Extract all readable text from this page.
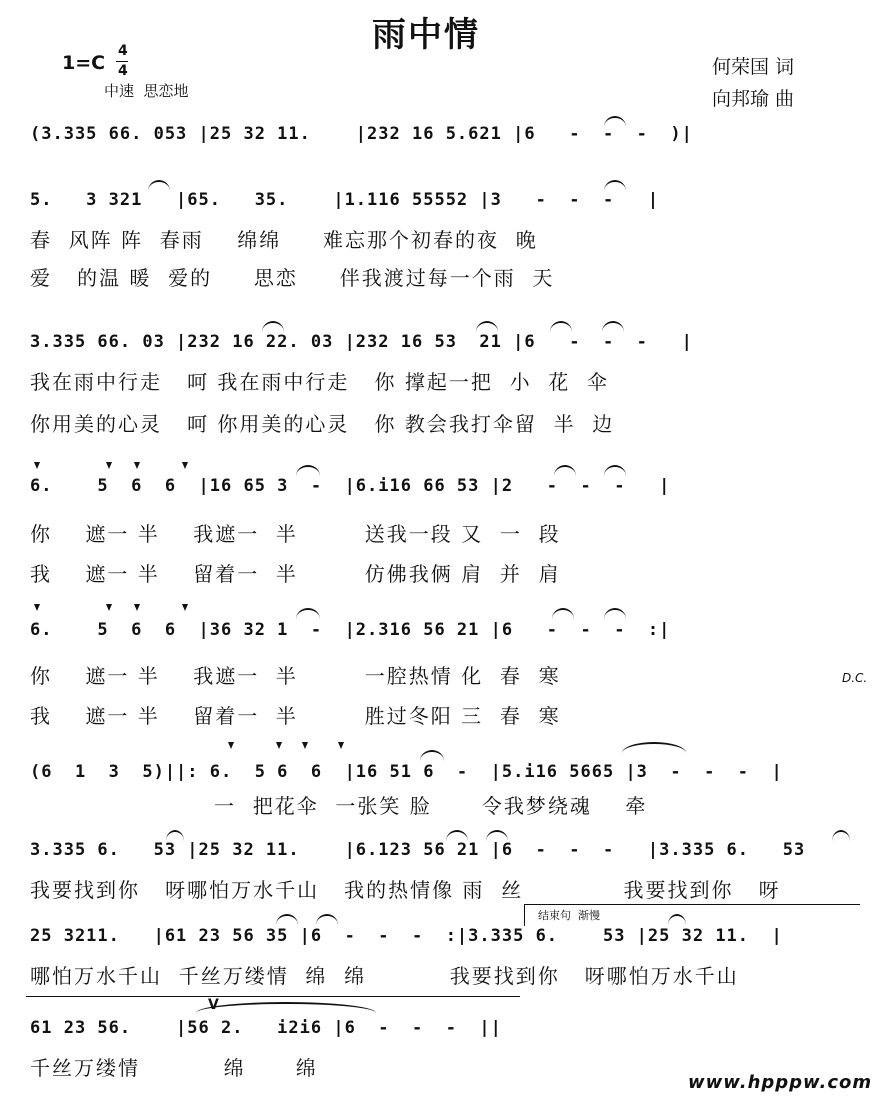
雨中情
1=C
4
4
中速  思恋地
何荣国 词
向邦瑜 曲
(3.335 66. 053 |25 32 11.    |232 16 5.621 |6   -  -  -  )|
5.   3 321   |65.   35.    |1.116 55552 |3   -  -  -   |
春  风阵 阵  春雨    绵绵     难忘那个初春的夜  晚
爱   的温 暖  爱的     思恋     伴我渡过每一个雨  天
3.335 66. 03 |232 16 22. 03 |232 16 53  21 |6   -  -  -   |
我在雨中行走   呵 我在雨中行走   你 撑起一把  小  花  伞
你用美的心灵   呵 你用美的心灵   你 教会我打伞留  半  边
6.    5  6  6  |16 65 3  -  |6.i16 66 53 |2   -  -  -   |
你    遮一 半    我遮一  半        送我一段 又  一  段
我    遮一 半    留着一  半        仿佛我俩 肩  并  肩
6.    5  6  6  |36 32 1  -  |2.316 56 21 |6   -  -  -  :|
你    遮一 半    我遮一  半        一腔热情 化  春  寒
我    遮一 半    留着一  半        胜过冬阳 三  春  寒
D.C.
(6  1  3  5)||: 6.  5 6  6  |16 51 6  -  |5.i16 5665 |3  -  -  -  |
一  把花伞  一张笑 脸      令我梦绕魂    牵
3.335 6.   53 |25 32 11.    |6.123 56 21 |6  -  -  -   |3.335 6.   53
我要找到你   呀哪怕万水千山   我的热情像 雨  丝            我要找到你   呀
结束句  渐慢
25 3211.   |61 23 56 35 |6  -  -  -  :|3.335 6.    53 |25 32 11.  |
哪怕万水千山  千丝万缕情  绵  绵          我要找到你   呀哪怕万水千山
V
61 23 56.    |56 2.   i2i6 |6  -  -  -  ||
千丝万缕情          绵      绵
www.hpppw.com
